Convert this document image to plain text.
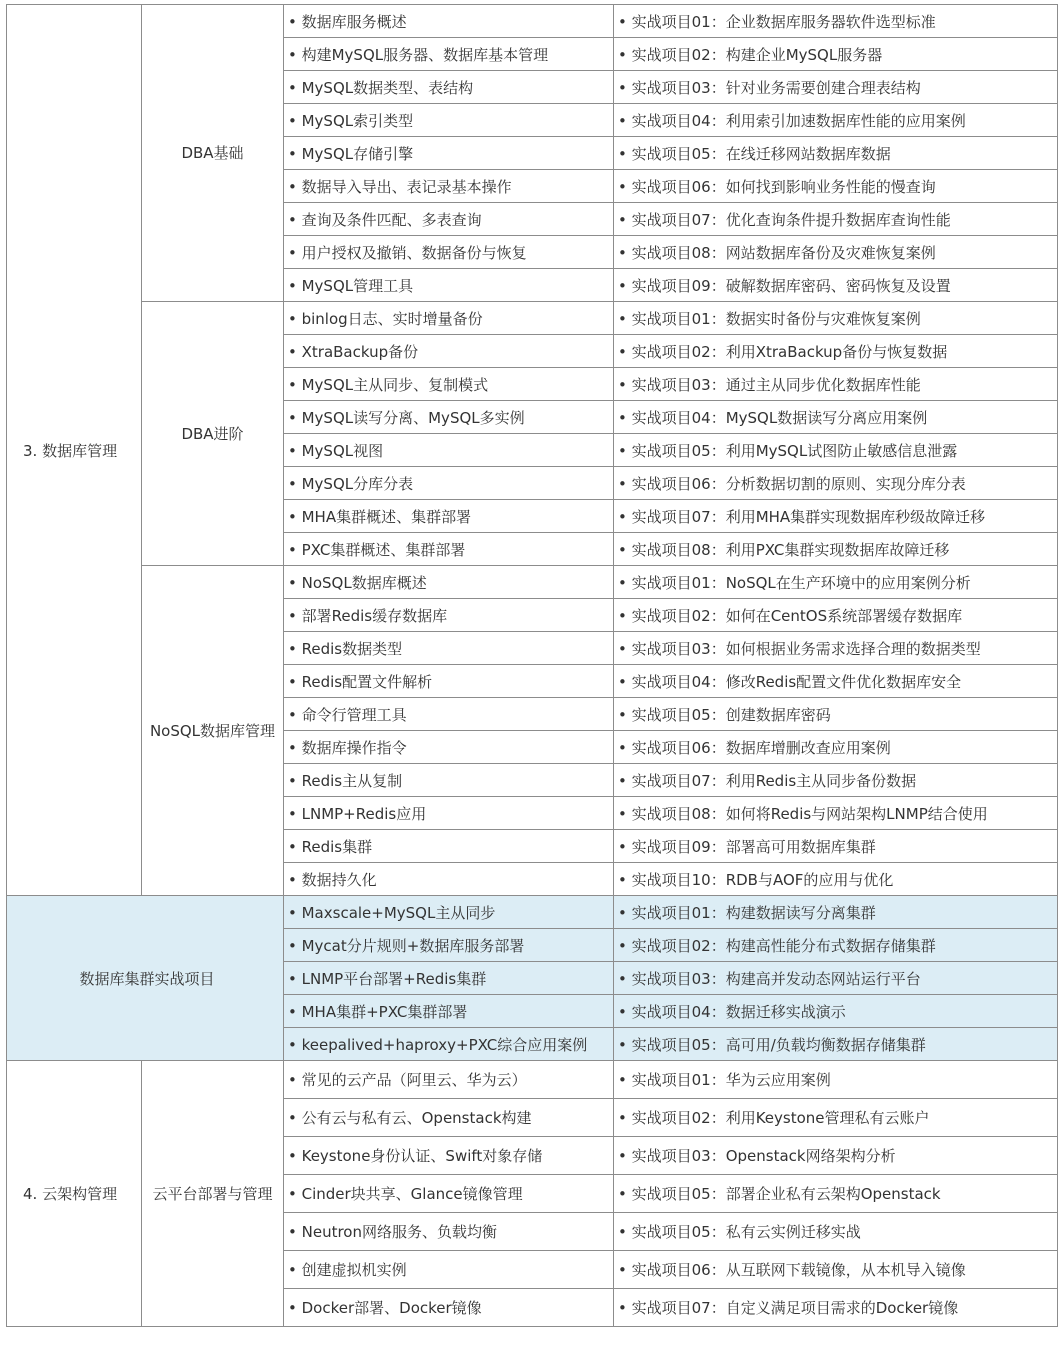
3. 数据库管理	DBA基础	• 数据库服务概述	• 实战项目01：企业数据库服务器软件选型标准
		• 构建MySQL服务器、数据库基本管理	• 实战项目02：构建企业MySQL服务器
		• MySQL数据类型、表结构	• 实战项目03：针对业务需要创建合理表结构
		• MySQL索引类型	• 实战项目04：利用索引加速数据库性能的应用案例
		• MySQL存储引擎	• 实战项目05：在线迁移网站数据库数据
		• 数据导入导出、表记录基本操作	• 实战项目06：如何找到影响业务性能的慢查询
		• 查询及条件匹配、多表查询	• 实战项目07：优化查询条件提升数据库查询性能
		• 用户授权及撤销、数据备份与恢复	• 实战项目08：网站数据库备份及灾难恢复案例
		• MySQL管理工具	• 实战项目09：破解数据库密码、密码恢复及设置
	DBA进阶	• binlog日志、实时增量备份	• 实战项目01：数据实时备份与灾难恢复案例
		• XtraBackup备份	• 实战项目02：利用XtraBackup备份与恢复数据
		• MySQL主从同步、复制模式	• 实战项目03：通过主从同步优化数据库性能
		• MySQL读写分离、MySQL多实例	• 实战项目04：MySQL数据读写分离应用案例
		• MySQL视图	• 实战项目05：利用MySQL试图防止敏感信息泄露
		• MySQL分库分表	• 实战项目06：分析数据切割的原则、实现分库分表
		• MHA集群概述、集群部署	• 实战项目07：利用MHA集群实现数据库秒级故障迁移
		• PXC集群概述、集群部署	• 实战项目08：利用PXC集群实现数据库故障迁移
	NoSQL数据库管理	• NoSQL数据库概述	• 实战项目01：NoSQL在生产环境中的应用案例分析
		• 部署Redis缓存数据库	• 实战项目02：如何在CentOS系统部署缓存数据库
		• Redis数据类型	• 实战项目03：如何根据业务需求选择合理的数据类型
		• Redis配置文件解析	• 实战项目04：修改Redis配置文件优化数据库安全
		• 命令行管理工具	• 实战项目05：创建数据库密码
		• 数据库操作指令	• 实战项目06：数据库增删改查应用案例
		• Redis主从复制	• 实战项目07：利用Redis主从同步备份数据
		• LNMP+Redis应用	• 实战项目08：如何将Redis与网站架构LNMP结合使用
		• Redis集群	• 实战项目09：部署高可用数据库集群
		• 数据持久化	• 实战项目10：RDB与AOF的应用与优化
数据库集群实战项目		• Maxscale+MySQL主从同步	• 实战项目01：构建数据读写分离集群
		• Mycat分片规则+数据库服务部署	• 实战项目02：构建高性能分布式数据存储集群
		• LNMP平台部署+Redis集群	• 实战项目03：构建高并发动态网站运行平台
		• MHA集群+PXC集群部署	• 实战项目04：数据迁移实战演示
		• keepalived+haproxy+PXC综合应用案例	• 实战项目05：高可用/负载均衡数据存储集群
4. 云架构管理	云平台部署与管理	• 常见的云产品（阿里云、华为云）	• 实战项目01：华为云应用案例
		• 公有云与私有云、Openstack构建	• 实战项目02：利用Keystone管理私有云账户
		• Keystone身份认证、Swift对象存储	• 实战项目03：Openstack网络架构分析
		• Cinder块共享、Glance镜像管理	• 实战项目05：部署企业私有云架构Openstack
		• Neutron网络服务、负载均衡	• 实战项目05：私有云实例迁移实战
		• 创建虚拟机实例	• 实战项目06：从互联网下载镜像，从本机导入镜像
		• Docker部署、Docker镜像	• 实战项目07：自定义满足项目需求的Docker镜像
